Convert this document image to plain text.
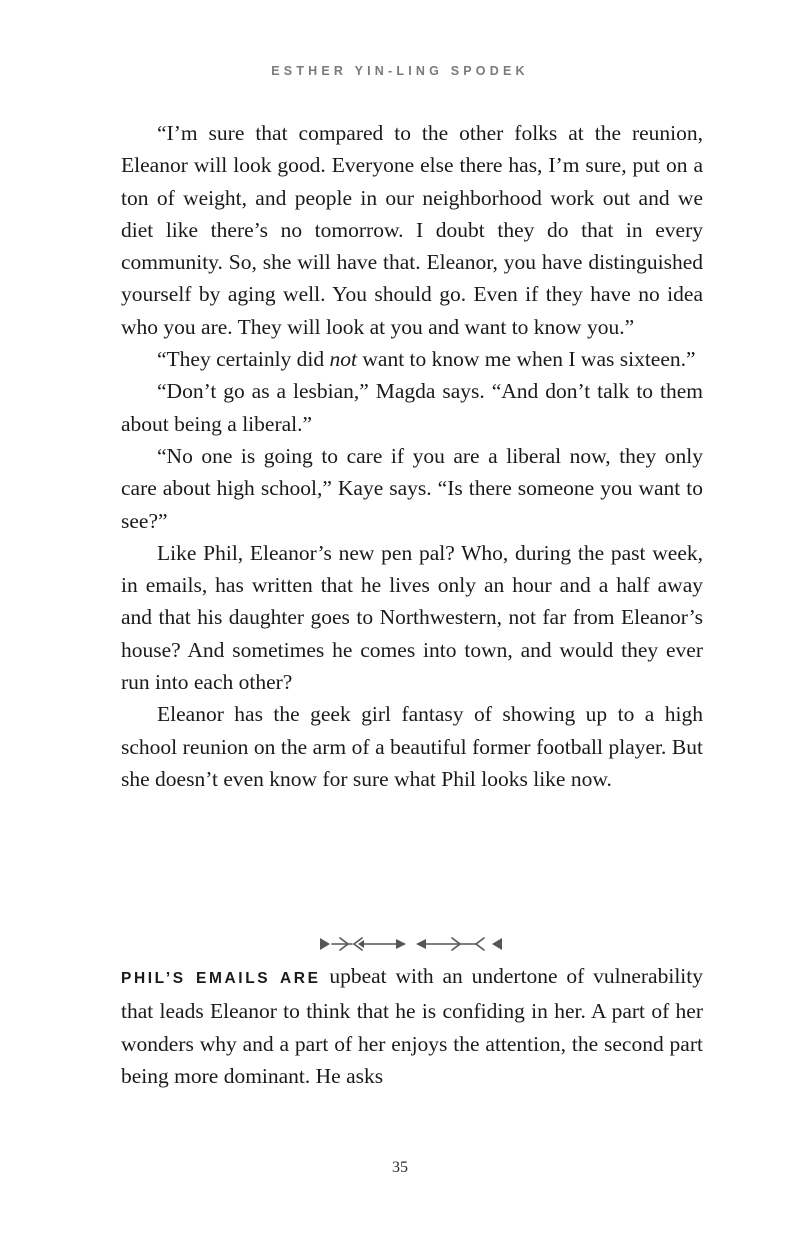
ESTHER YIN-LING SPODEK

“I’m sure that compared to the other folks at the reunion, Eleanor will look good. Everyone else there has, I’m sure, put on a ton of weight, and people in our neighborhood work out and we diet like there’s no tomorrow. I doubt they do that in every community. So, she will have that. Eleanor, you have distinguished yourself by aging well. You should go. Even if they have no idea who you are. They will look at you and want to know you.”

“They certainly did not want to know me when I was sixteen.”

“Don’t go as a lesbian,” Magda says. “And don’t talk to them about being a liberal.”

“No one is going to care if you are a liberal now, they only care about high school,” Kaye says. “Is there someone you want to see?”

Like Phil, Eleanor’s new pen pal? Who, during the past week, in emails, has written that he lives only an hour and a half away and that his daughter goes to Northwestern, not far from Eleanor’s house? And sometimes he comes into town, and would they ever run into each other?

Eleanor has the geek girl fantasy of showing up to a high school reunion on the arm of a beautiful former football player. But she doesn’t even know for sure what Phil looks like now.

PHIL’S EMAILS ARE upbeat with an undertone of vulnerability that leads Eleanor to think that he is confiding in her. A part of her wonders why and a part of her enjoys the attention, the second part being more dominant. He asks

35
